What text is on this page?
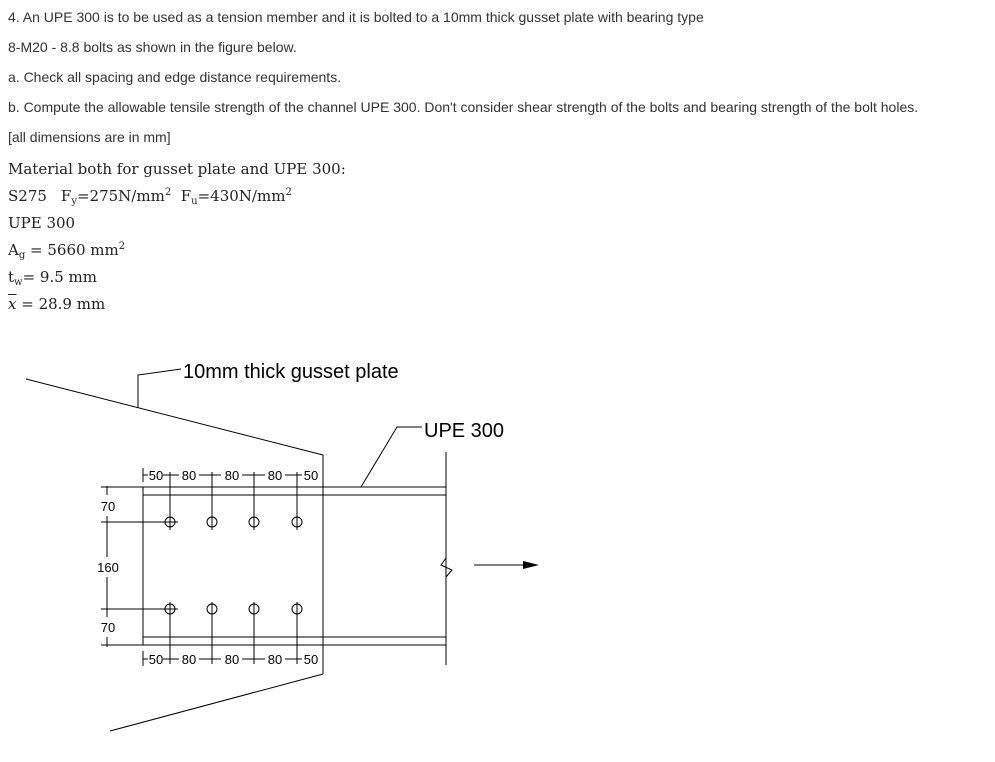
4. An UPE 300 is to be used as a tension member and it is bolted to a 10mm thick gusset plate with bearing type

8-M20 - 8.8 bolts as shown in the figure below.

a. Check all spacing and edge distance requirements.

b. Compute the allowable tensile strength of the channel UPE 300. Don't consider shear strength of the bolts and bearing strength of the bolt holes.

[all dimensions are in mm]

Material both for gusset plate and UPE 300:

S275 $F_y=275N/mm^2$ $F_u=430N/mm^2$

UPE 300

$A_g = 5660$ $mm^2$

$t_w= 9.5$ mm

$\overline{x} = 28.9$ mm

10mm thick gusset plate
UPE 300
50 80 80 80 50
50 80 80 80 50
70
160
70
